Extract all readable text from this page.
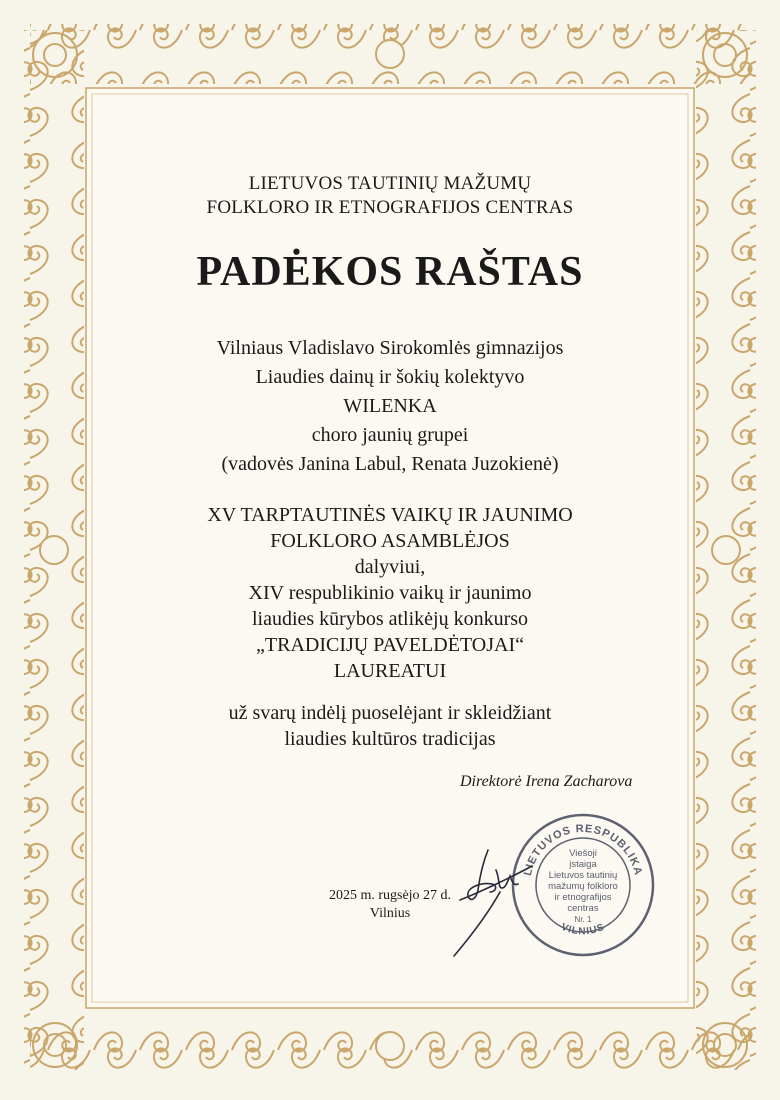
LIETUVOS TAUTINIŲ MAŽUMŲ
FOLKLORO IR ETNOGRAFIJOS CENTRAS
PADĖKOS RAŠTAS
Vilniaus Vladislavo Sirokomlės gimnazijos
Liaudies dainų ir šokių kolektyvo
WILENKA
choro jaunių grupei
(vadovės Janina Labul, Renata Juzokienė)
XV TARPTAUTINĖS VAIKŲ IR JAUNIMO
FOLKLORO ASAMBLĖJOS
dalyviui,
XIV respublikinio vaikų ir jaunimo
liaudies kūrybos atlikėjų konkurso
„TRADICIJŲ PAVELDĖTOJAI“
LAUREATUI
už svarų indėlį puoselėjant ir skleidžiant
liaudies kultūros tradicijas
Direktorė Irena Zacharova
LIETUVOS RESPUBLIKA
VILNIUS
Viešoji
įstaiga
Lietuvos tautinių
mažumų folkloro
ir etnografijos
centras
Nr. 1
2025 m. rugsėjo 27 d.
Vilnius
